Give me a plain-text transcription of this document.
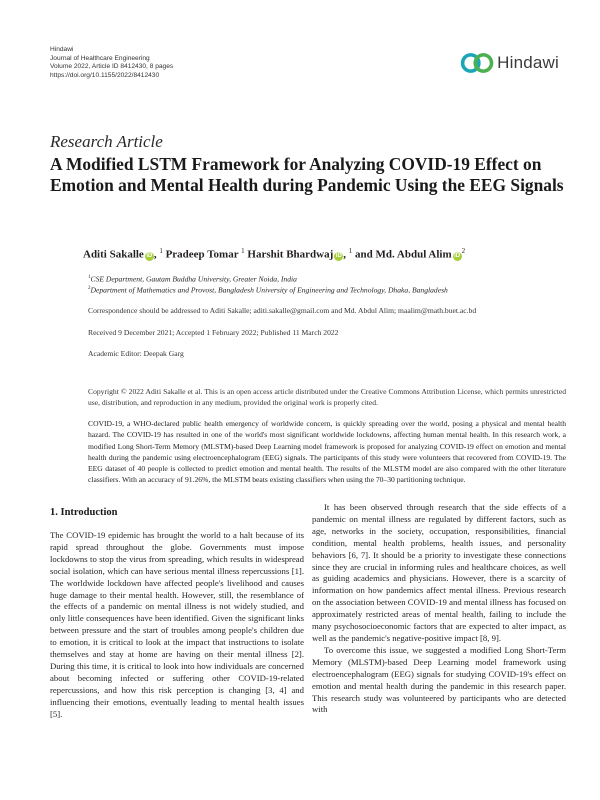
Hindawi
Journal of Healthcare Engineering
Volume 2022, Article ID 8412430, 8 pages
https://doi.org/10.1155/2022/8412430
Hindawi
Research Article
A Modified LSTM Framework for Analyzing COVID-19 Effect on Emotion and Mental Health during Pandemic Using the EEG Signals
Aditi Sakalle iD , $^1$ Pradeep Tomar $^1$ Harshit Bhardwaj iD , $^1$ and Md. Abdul Alim $iD^2$
$^1$CSE Department, Gautam Buddha University, Greater Noida, India
$^2$Department of Mathematics and Provost, Bangladesh University of Engineering and Technology, Dhaka, Bangladesh
Correspondence should be addressed to Aditi Sakalle; aditi.sakalle@gmail.com and Md. Abdul Alim; maalim@math.buet.ac.bd
Received 9 December 2021; Accepted 1 February 2022; Published 11 March 2022
Academic Editor: Deepak Garg
Copyright © 2022 Aditi Sakalle et al. This is an open access article distributed under the Creative Commons Attribution License, which permits unrestricted use, distribution, and reproduction in any medium, provided the original work is properly cited.
COVID-19, a WHO-declared public health emergency of worldwide concern, is quickly spreading over the world, posing a physical and mental health hazard. The COVID-19 has resulted in one of the world's most significant worldwide lockdowns, affecting human mental health. In this research work, a modified Long Short-Term Memory (MLSTM)-based Deep Learning model framework is proposed for analyzing COVID-19 effect on emotion and mental health during the pandemic using electroencephalogram (EEG) signals. The participants of this study were volunteers that recovered from COVID-19. The EEG dataset of 40 people is collected to predict emotion and mental health. The results of the MLSTM model are also compared with the other literature classifiers. With an accuracy of 91.26%, the MLSTM beats existing classifiers when using the 70–30 partitioning technique.
1. Introduction

The COVID-19 epidemic has brought the world to a halt because of its rapid spread throughout the globe. Governments must impose lockdowns to stop the virus from spreading, which results in widespread social isolation, which can have serious mental illness repercussions [1]. The worldwide lockdown have affected people's livelihood and causes huge damage to their mental health. However, still, the resemblance of the effects of a pandemic on mental illness is not widely studied, and only little consequences have been identified. Given the significant links between pressure and the start of troubles among people's children due to emotion, it is critical to look at the impact that instructions to isolate themselves and stay at home are having on their mental illness [2]. During this time, it is critical to look into how individuals are concerned about becoming infected or suffering other COVID-19-related repercussions, and how this risk perception is changing [3, 4] and influencing their emotions, eventually leading to mental health issues [5].

It has been observed through research that the side effects of a pandemic on mental illness are regulated by different factors, such as age, networks in the society, occupation, responsibilities, financial condition, mental health problems, health issues, and personality behaviors [6, 7]. It should be a priority to investigate these connections since they are crucial in informing rules and healthcare choices, as well as guiding academics and physicians. However, there is a scarcity of information on how pandemics affect mental illness. Previous research on the association between COVID-19 and mental illness has focused on approximately restricted areas of mental health, failing to include the many psychosocioeconomic factors that are expected to alter impact, as well as the pandemic's negative-positive impact [8, 9].

To overcome this issue, we suggested a modified Long Short-Term Memory (MLSTM)-based Deep Learning model framework using electroencephalogram (EEG) signals for studying COVID-19's effect on emotion and mental health during the pandemic in this research paper. This research study was volunteered by participants who are detected with
